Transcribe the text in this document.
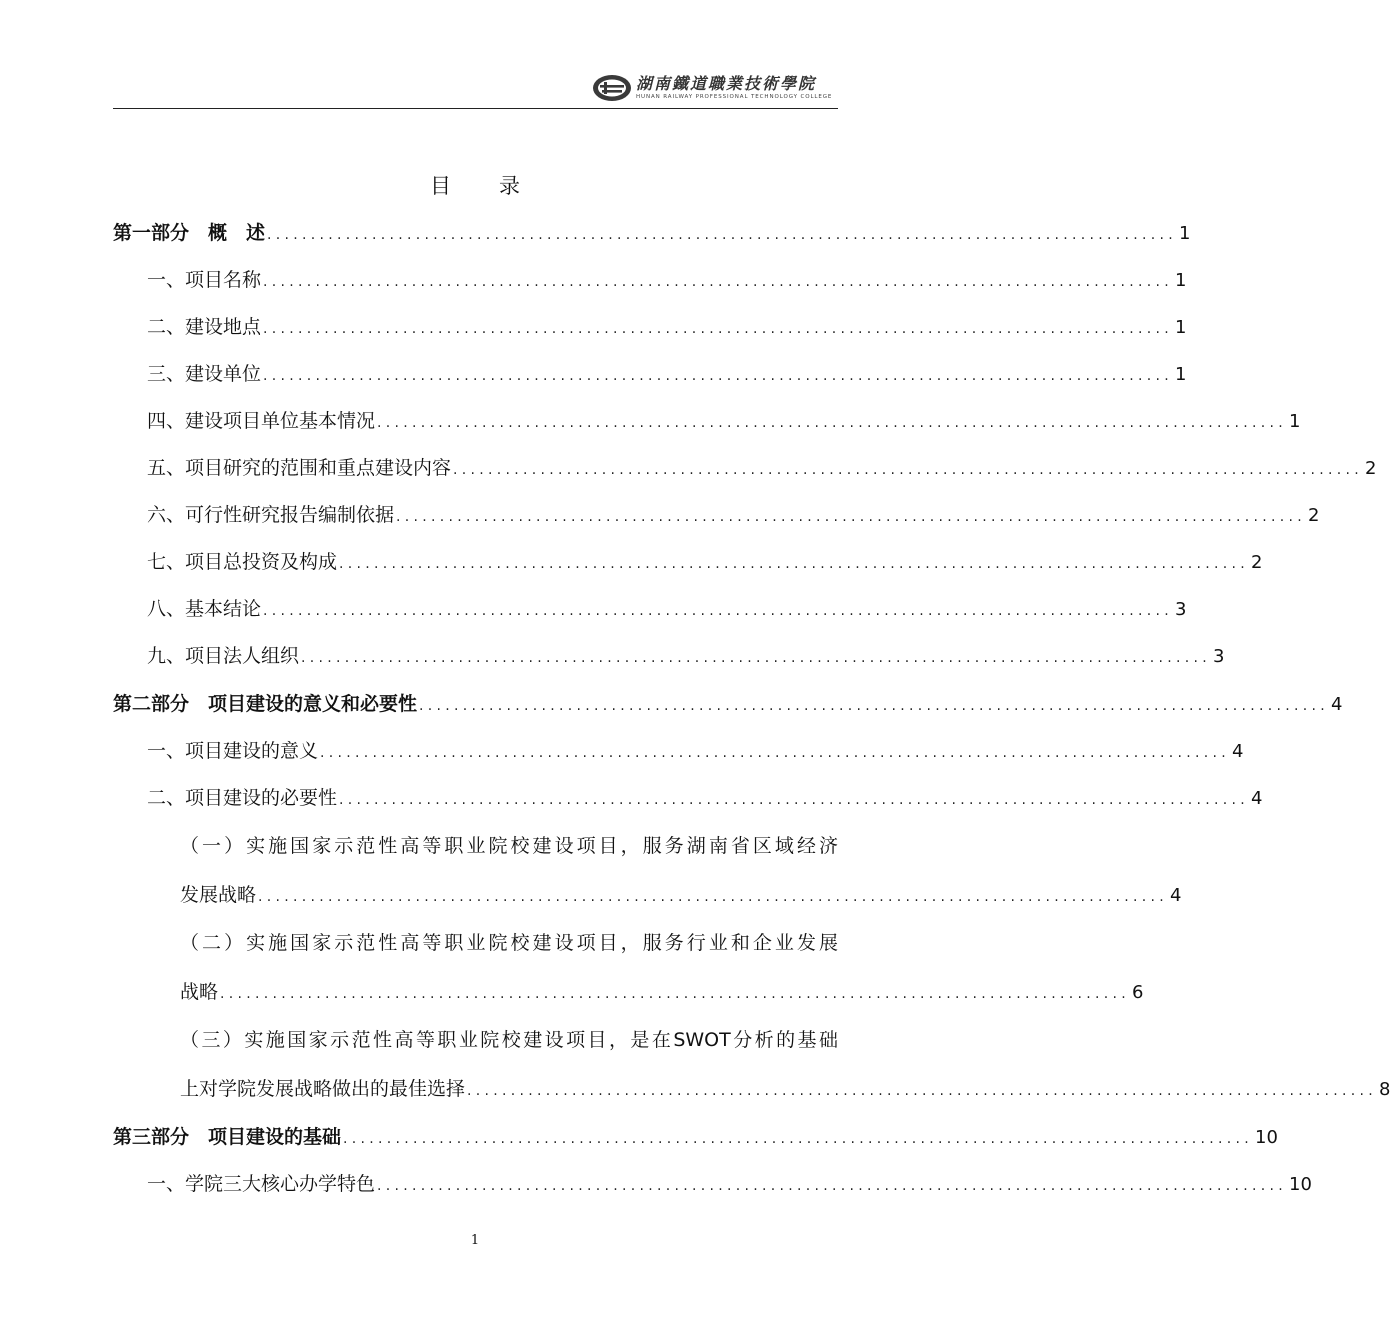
湖南鐵道職業技術學院
HUNAN RAILWAY PROFESSIONAL TECHNOLOGY COLLEGE
目 录
第一部分　概　述 ........................................................................................................ 1
一、项目名称 ........................................................................................................ 1
二、建设地点 ........................................................................................................ 1
三、建设单位 ........................................................................................................ 1
四、建设项目单位基本情况 ........................................................................................................ 1
五、项目研究的范围和重点建设内容 ........................................................................................................ 2
六、可行性研究报告编制依据 ........................................................................................................ 2
七、项目总投资及构成 ........................................................................................................ 2
八、基本结论 ........................................................................................................ 3
九、项目法人组织 ........................................................................................................ 3
第二部分　项目建设的意义和必要性 ........................................................................................................ 4
一、项目建设的意义 ........................................................................................................ 4
二、项目建设的必要性 ........................................................................................................ 4
（一）实施国家示范性高等职业院校建设项目，服务湖南省区域经济
发展战略 ........................................................................................................ 4
（二）实施国家示范性高等职业院校建设项目，服务行业和企业发展
战略 ........................................................................................................ 6
（三）实施国家示范性高等职业院校建设项目，是在SWOT分析的基础
上对学院发展战略做出的最佳选择 ........................................................................................................ 8
第三部分　项目建设的基础 ........................................................................................................ 10
一、学院三大核心办学特色 ........................................................................................................ 10
1
